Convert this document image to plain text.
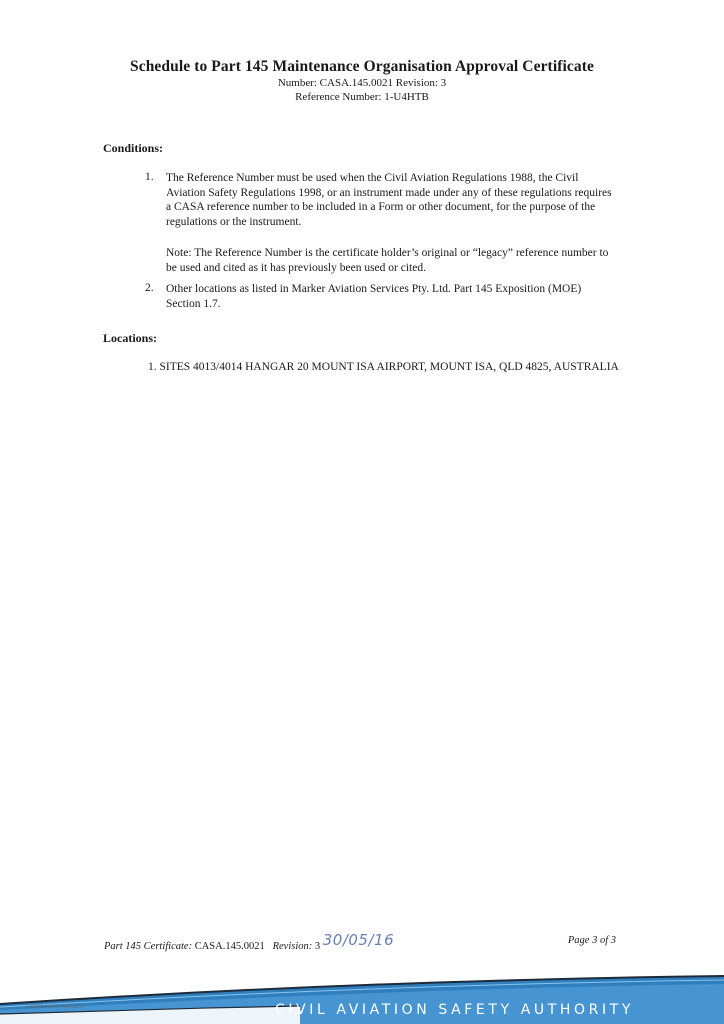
Schedule to Part 145 Maintenance Organisation Approval Certificate
Number: CASA.145.0021 Revision: 3
Reference Number: 1-U4HTB
Conditions:
1. The Reference Number must be used when the Civil Aviation Regulations 1988, the Civil Aviation Safety Regulations 1998, or an instrument made under any of these regulations requires a CASA reference number to be included in a Form or other document, for the purpose of the regulations or the instrument.
Note: The Reference Number is the certificate holder’s original or “legacy” reference number to be used and cited as it has previously been used or cited.
2. Other locations as listed in Marker Aviation Services Pty. Ltd. Part 145 Exposition (MOE) Section 1.7.
Locations:
1. SITES 4013/4014 HANGAR 20 MOUNT ISA AIRPORT, MOUNT ISA, QLD 4825, AUSTRALIA
Part 145 Certificate: CASA.145.0021 Revision: 3 30/05/16	Page 3 of 3
CAS402 Printed 09/2013	CIVIL AVIATION SAFETY AUTHORITY
